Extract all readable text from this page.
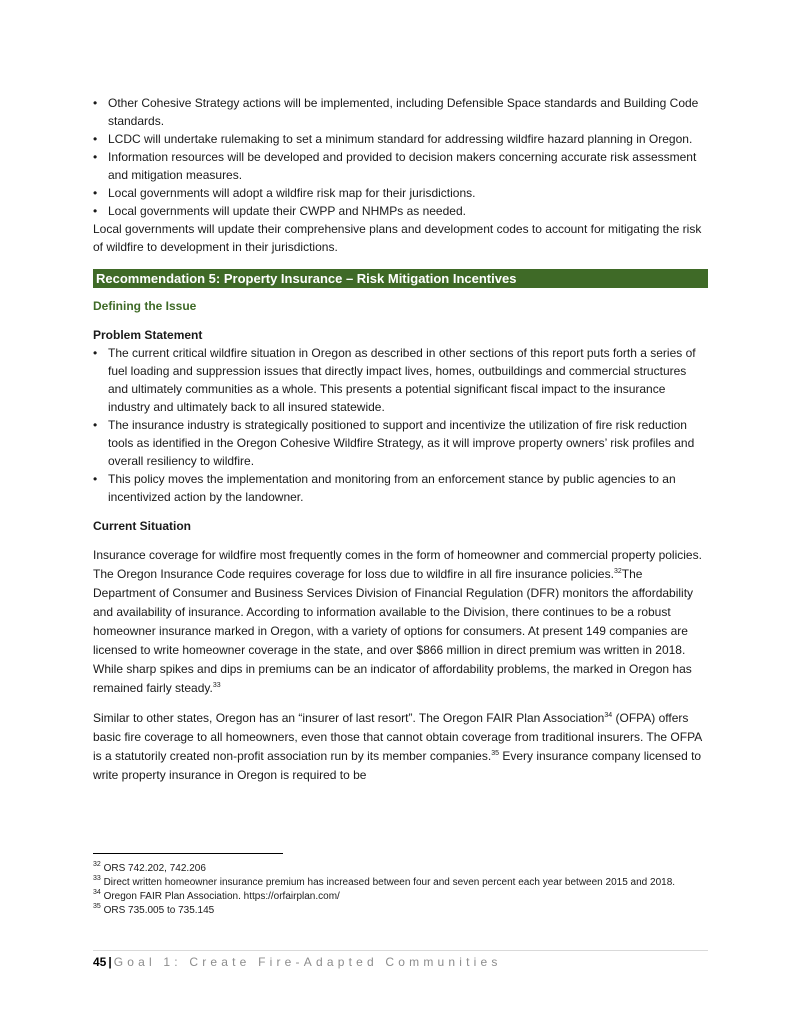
• Other Cohesive Strategy actions will be implemented, including Defensible Space standards and Building Code standards.
• LCDC will undertake rulemaking to set a minimum standard for addressing wildfire hazard planning in Oregon.
• Information resources will be developed and provided to decision makers concerning accurate risk assessment and mitigation measures.
• Local governments will adopt a wildfire risk map for their jurisdictions.
• Local governments will update their CWPP and NHMPs as needed.

Local governments will update their comprehensive plans and development codes to account for mitigating the risk of wildfire to development in their jurisdictions.

Recommendation 5: Property Insurance – Risk Mitigation Incentives

Defining the Issue

Problem Statement

• The current critical wildfire situation in Oregon as described in other sections of this report puts forth a series of fuel loading and suppression issues that directly impact lives, homes, outbuildings and commercial structures and ultimately communities as a whole. This presents a potential significant fiscal impact to the insurance industry and ultimately back to all insured statewide.
• The insurance industry is strategically positioned to support and incentivize the utilization of fire risk reduction tools as identified in the Oregon Cohesive Wildfire Strategy, as it will improve property owners’ risk profiles and overall resiliency to wildfire.
• This policy moves the implementation and monitoring from an enforcement stance by public agencies to an incentivized action by the landowner.

Current Situation

Insurance coverage for wildfire most frequently comes in the form of homeowner and commercial property policies. The Oregon Insurance Code requires coverage for loss due to wildfire in all fire insurance policies.$^{32}$The Department of Consumer and Business Services Division of Financial Regulation (DFR) monitors the affordability and availability of insurance. According to information available to the Division, there continues to be a robust homeowner insurance marked in Oregon, with a variety of options for consumers. At present 149 companies are licensed to write homeowner coverage in the state, and over $866 million in direct premium was written in 2018. While sharp spikes and dips in premiums can be an indicator of affordability problems, the marked in Oregon has remained fairly steady.$^{33}$

Similar to other states, Oregon has an “insurer of last resort”. The Oregon FAIR Plan Association$^{34}$ (OFPA) offers basic fire coverage to all homeowners, even those that cannot obtain coverage from traditional insurers. The OFPA is a statutorily created non-profit association run by its member companies.$^{35}$ Every insurance company licensed to write property insurance in Oregon is required to be

$^{32}$ ORS 742.202, 742.206

$^{33}$ Direct written homeowner insurance premium has increased between four and seven percent each year between 2015 and 2018.

$^{34}$ Oregon FAIR Plan Association. https://orfairplan.com/

$^{35}$ ORS 735.005 to 735.145

45 | Goal 1: Create Fire-Adapted Communities
